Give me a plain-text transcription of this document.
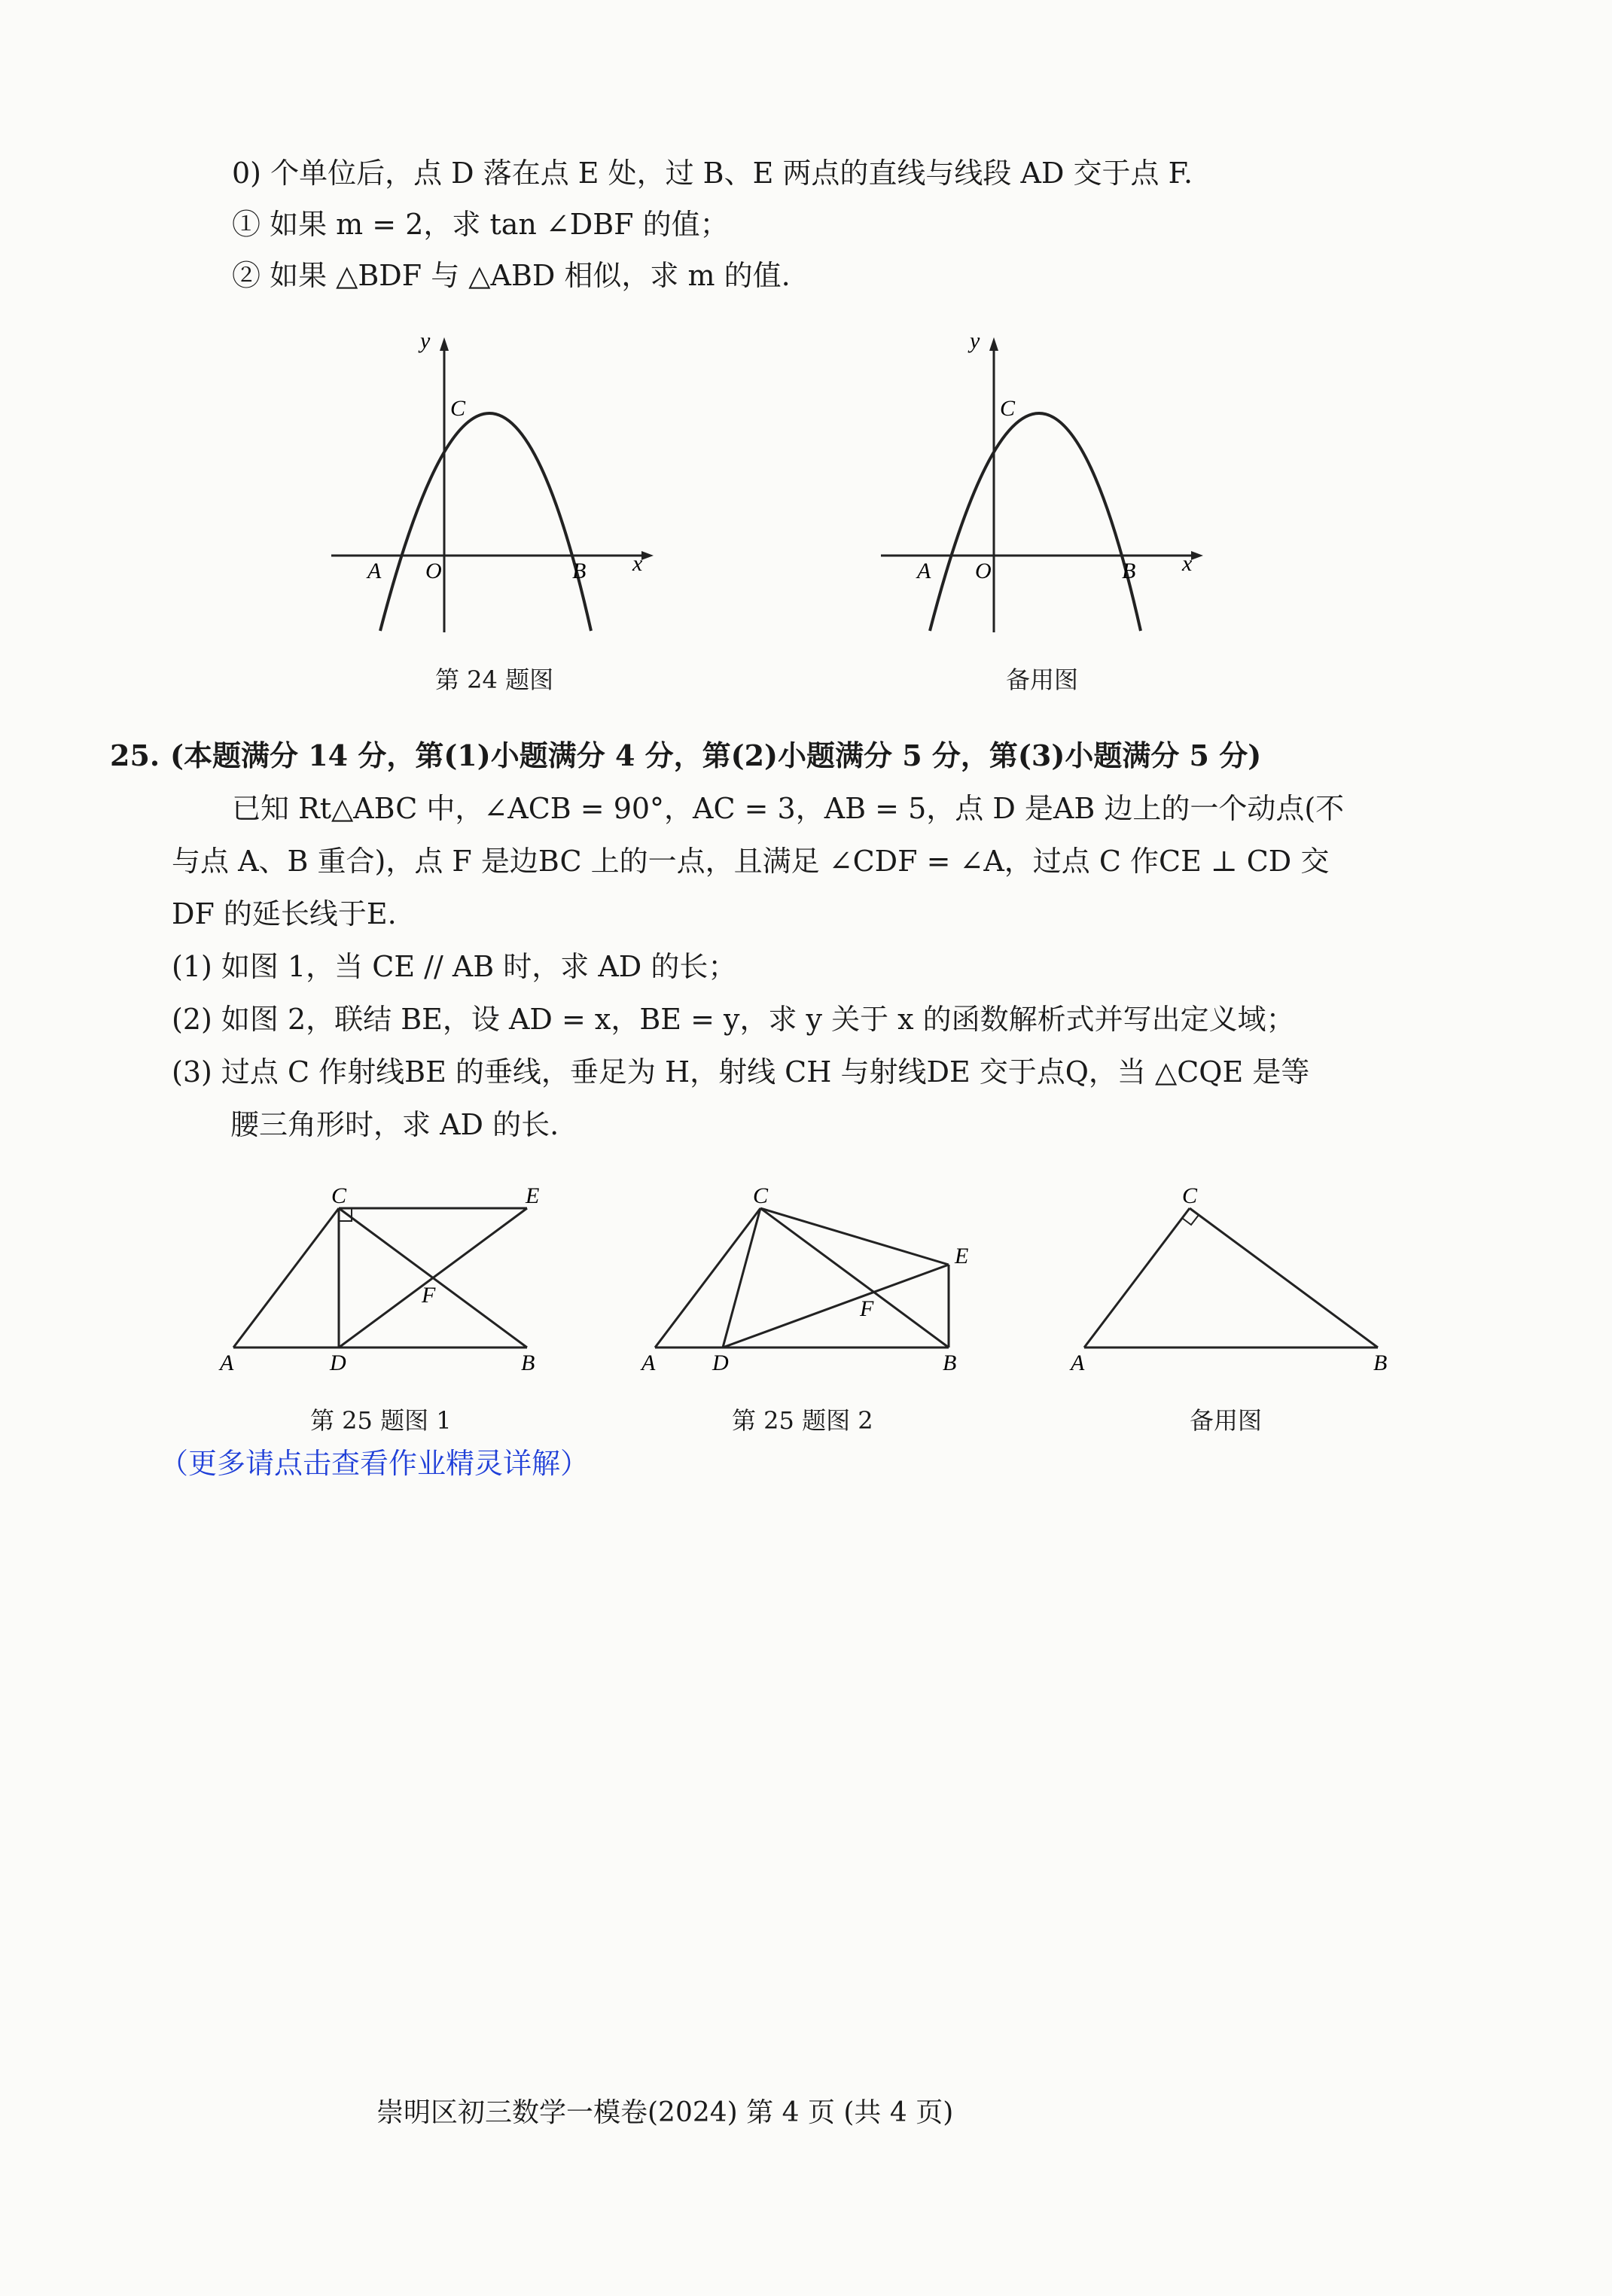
0) 个单位后，点 D 落在点 E 处，过 B、E 两点的直线与线段 AD 交于点 F.
① 如果 m = 2，求 tan ∠DBF 的值；
② 如果 △BDF 与 △ABD 相似，求 m 的值.
y
x
O
A	B
C
第 24 题图
y
x
O
A	B
C
备用图
25. (本题满分 14 分，第(1)小题满分 4 分，第(2)小题满分 5 分，第(3)小题满分 5 分)
已知 Rt△ABC 中，∠ACB = 90°，AC = 3，AB = 5，点 D 是AB 边上的一个动点(不
与点 A、B 重合)，点 F 是边BC 上的一点，且满足 ∠CDF = ∠A，过点 C 作CE ⊥ CD 交
DF 的延长线于E.
(1) 如图 1，当 CE // AB 时，求 AD 的长；
(2) 如图 2，联结 BE，设 AD = x，BE = y，求 y 关于 x 的函数解析式并写出定义域；
(3) 过点 C 作射线BE 的垂线，垂足为 H，射线 CH 与射线DE 交于点Q，当 △CQE 是等
腰三角形时，求 AD 的长.
C	E
F
A	D	B
第 25 题图 1
C
E
F
A	D	B
第 25 题图 2
C
A	B
备用图
（更多请点击查看作业精灵详解）
崇明区初三数学一模卷(2024) 第 4 页 (共 4 页)
